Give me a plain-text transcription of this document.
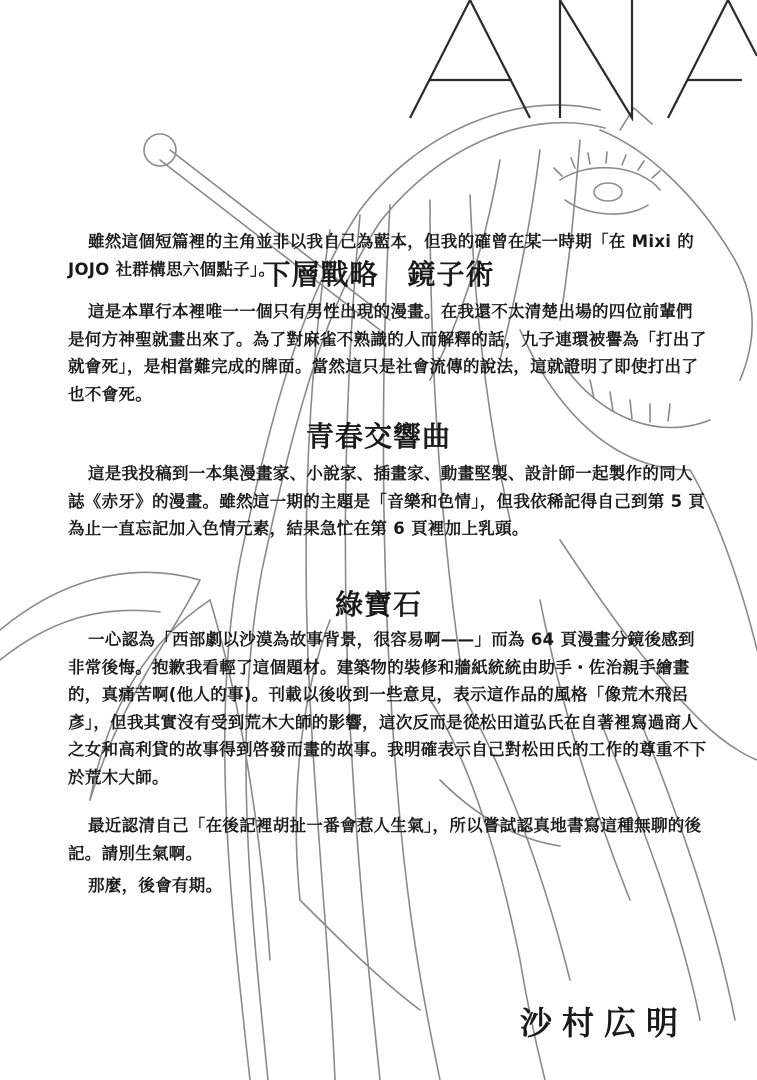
雖然這個短篇裡的主角並非以我自己為藍本，但我的確曾在某一時期「在 Mixi 的 JOJO 社群構思六個點子」。

下層戰略　鏡子術

這是本單行本裡唯一一個只有男性出現的漫畫。在我還不太清楚出場的四位前輩們是何方神聖就畫出來了。為了對麻雀不熟識的人而解釋的話，九子連環被譽為「打出了就會死」，是相當難完成的牌面。當然這只是社會流傳的說法，這就證明了即使打出了也不會死。

青春交響曲

這是我投稿到一本集漫畫家、小說家、插畫家、動畫堅製、設計師一起製作的同人誌《赤牙》的漫畫。雖然這一期的主題是「音樂和色情」，但我依稀記得自己到第 5 頁為止一直忘記加入色情元素，結果急忙在第 6 頁裡加上乳頭。

綠寶石

一心認為「西部劇以沙漠為故事背景，很容易啊——」而為 64 頁漫畫分鏡後感到非常後悔。抱歉我看輕了這個題材。建築物的裝修和牆紙統統由助手・佐治親手繪畫的，真痛苦啊(他人的事)。刊載以後收到一些意見，表示這作品的風格「像荒木飛呂彥」，但我其實沒有受到荒木大師的影響，這次反而是從松田道弘氏在自著裡寫過商人之女和高利貸的故事得到啓發而畫的故事。我明確表示自己對松田氏的工作的尊重不下於荒木大師。

最近認清自己「在後記裡胡扯一番會惹人生氣」，所以嘗試認真地書寫這種無聊的後記。請別生氣啊。

那麼，後會有期。

沙村広明
